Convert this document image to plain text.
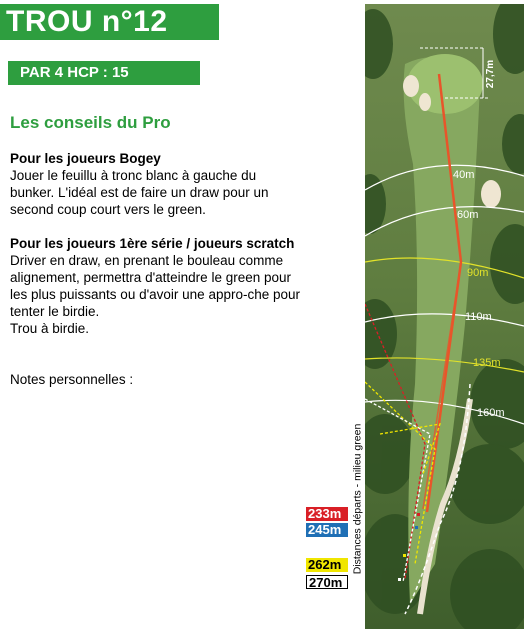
TROU n°12
PAR 4 HCP : 15
Les conseils du Pro
Pour les joueurs Bogey
Jouer le feuillu à tronc blanc à gauche du bunker. L'idéal est de faire un draw pour un second coup court vers le green.
Pour les joueurs 1ère série / joueurs scratch
Driver en draw, en prenant le bouleau comme alignement, permettra d'atteindre le green pour les plus puissants ou d'avoir une appro-che pour tenter le birdie.
Trou à birdie.
Notes personnelles :
27,7m
40m
60m
90m
110m
135m
160m
Distances départs - milieu green
233m
245m
262m
270m
